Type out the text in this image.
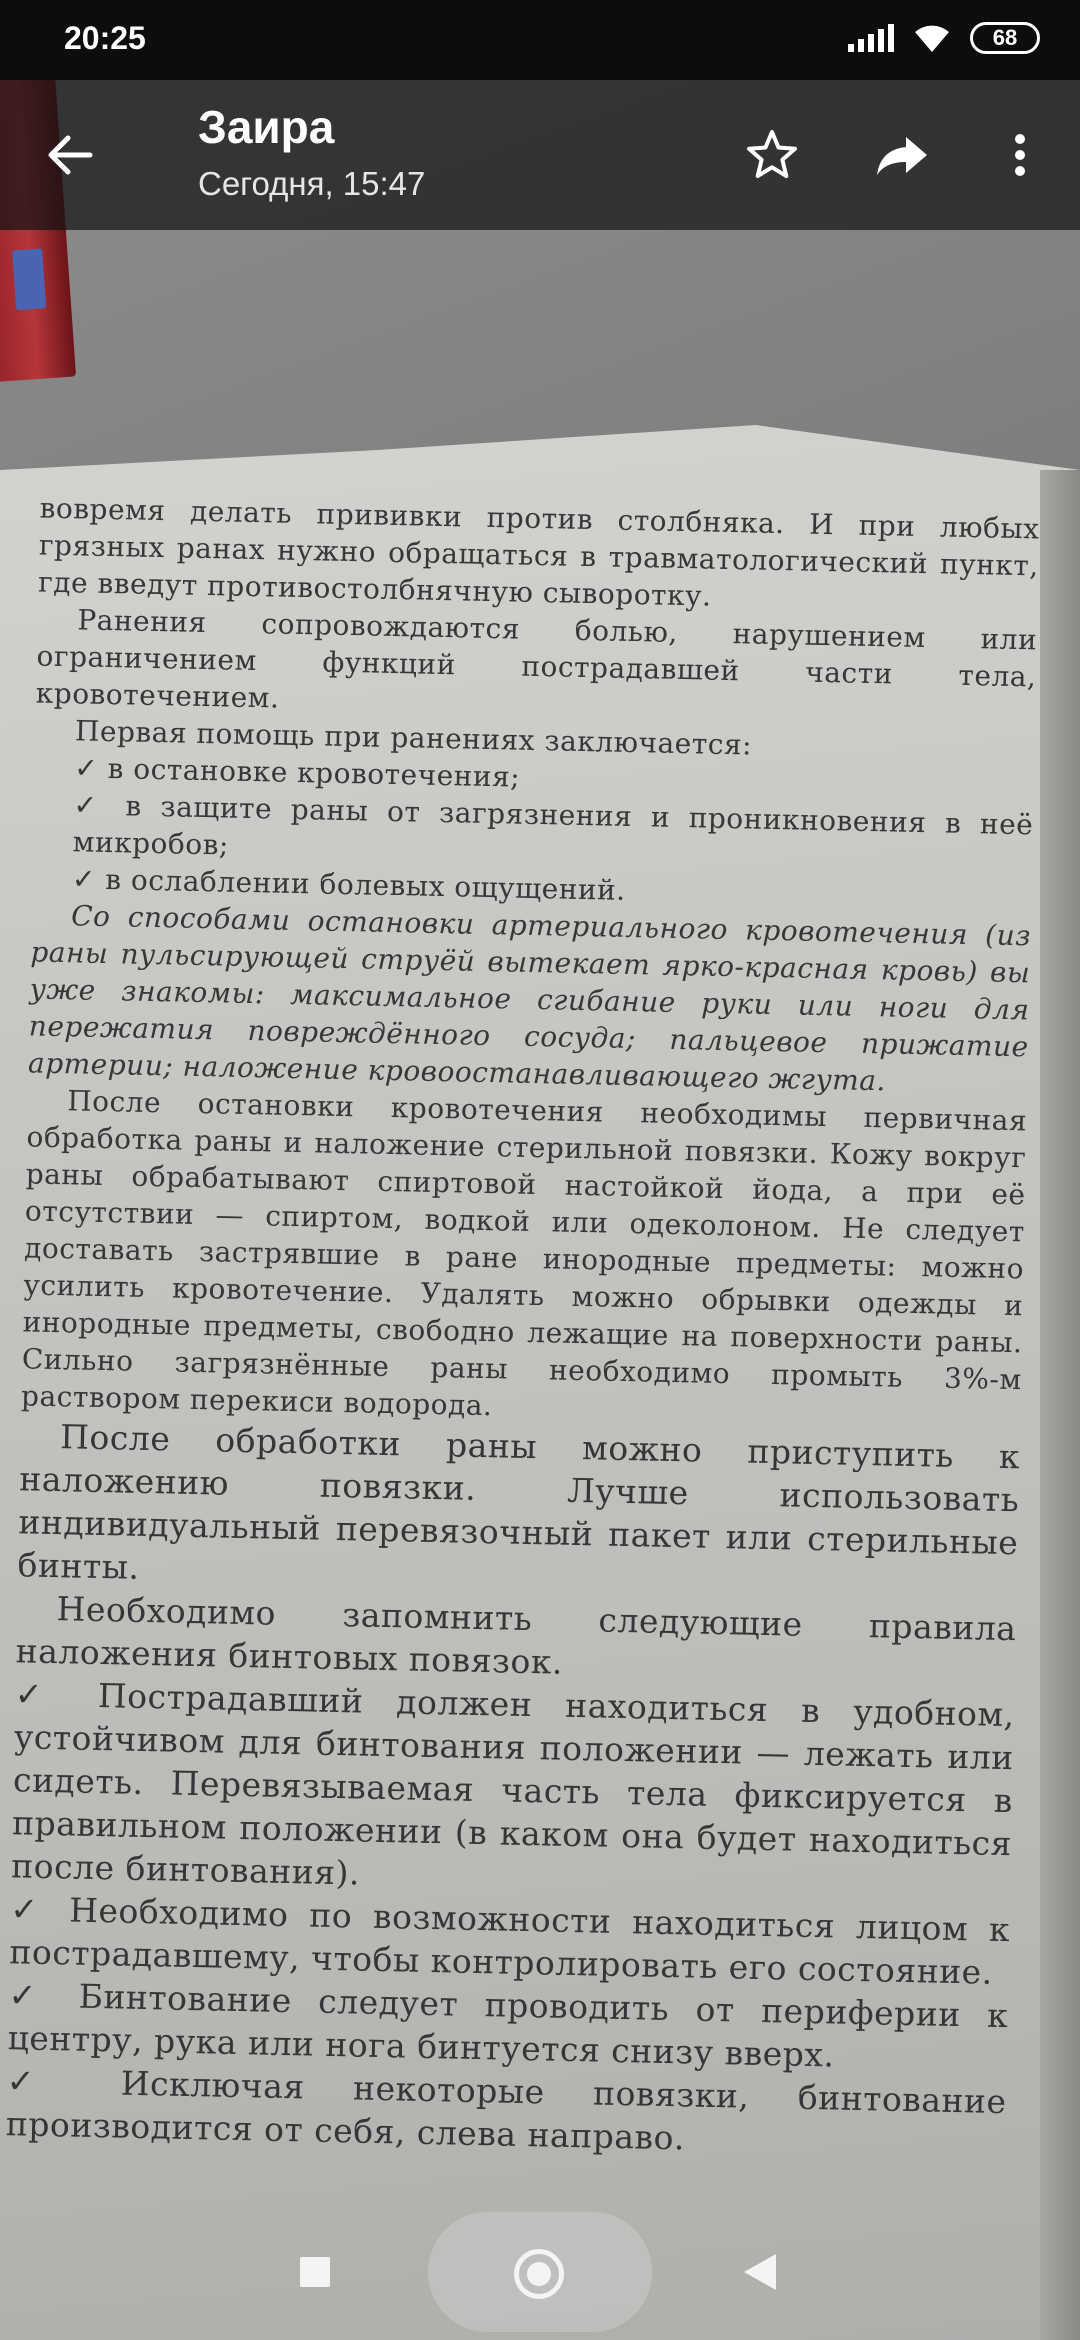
вовремя делать прививки против столбняка. И при любых грязных ранах нужно обращаться в травматологический пункт, где введут противостолбнячную сыворотку.

Ранения сопровождаются болью, нарушением или ограничением функций пострадавшей части тела, кровотечением.

Первая помощь при ранениях заключается:

✓ в остановке кровотечения;

✓ в защите раны от загрязнения и проникновения в неё микробов;

✓ в ослаблении болевых ощущений.

Со способами остановки артериального кровотечения (из раны пульсирующей струёй вытекает ярко-красная кровь) вы уже знакомы: максимальное сгибание руки или ноги для пережатия повреждённого сосуда; пальцевое прижатие артерии; наложение кровоостанавливающего жгута.

После остановки кровотечения необходимы первичная обработка раны и наложение стерильной повязки. Кожу вокруг раны обрабатывают спиртовой настойкой йода, а при её отсутствии — спиртом, водкой или одеколоном. Не следует доставать застрявшие в ране инородные предметы: можно усилить кровотечение. Удалять можно обрывки одежды и инородные предметы, свободно лежащие на поверхности раны. Сильно загрязнённые раны необходимо промыть 3%-м раствором перекиси водорода.

После обработки раны можно приступить к наложению повязки. Лучше использовать индивидуальный перевязочный пакет или стерильные бинты.

Необходимо запомнить следующие правила наложения бинтовых повязок.

✓ Пострадавший должен находиться в удобном, устойчивом для бинтования положении — лежать или сидеть. Перевязываемая часть тела фиксируется в правильном положении (в каком она будет находиться после бинтования).

✓ Необходимо по возможности находиться лицом к пострадавшему, чтобы контролировать его состояние.

✓ Бинтование следует проводить от периферии к центру, рука или нога бинтуется снизу вверх.

✓ Исключая некоторые повязки, бинтование производится от себя, слева направо.

20:25	68
Заира
Сегодня, 15:47
